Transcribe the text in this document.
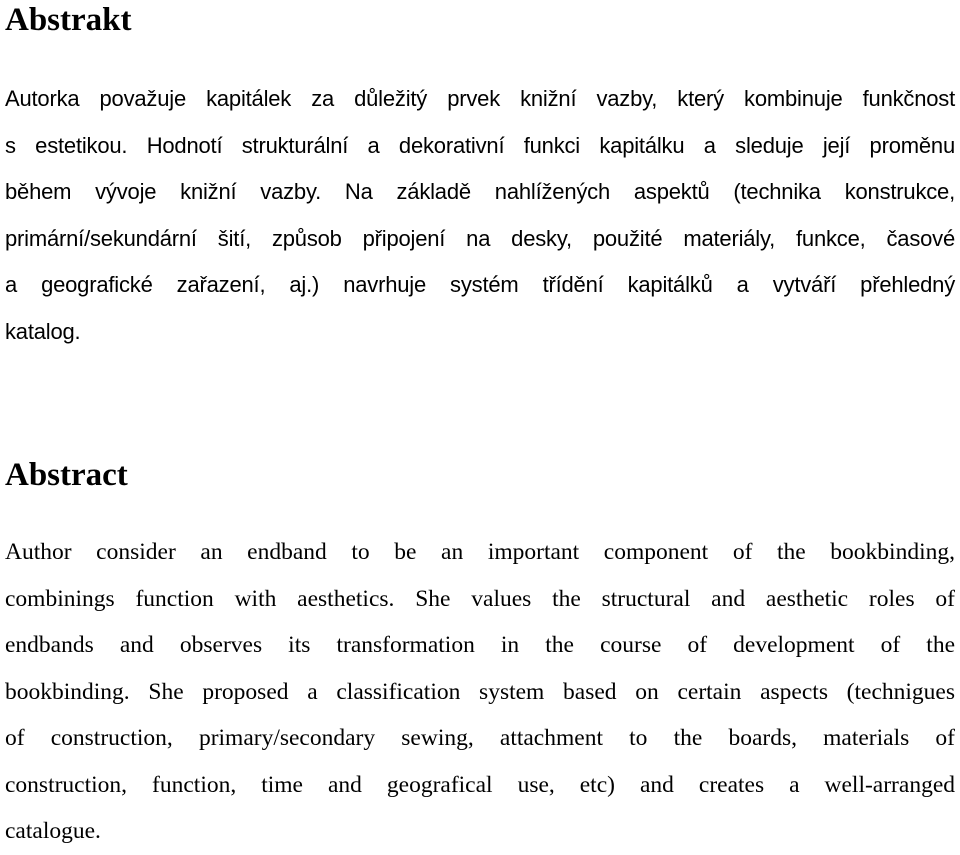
Abstrakt

Autorka považuje kapitálek za důležitý prvek knižní vazby, který kombinuje funkčnost
s estetikou. Hodnotí strukturální a dekorativní funkci kapitálku a sleduje její proměnu
během vývoje knižní vazby. Na základě nahlížených aspektů (technika konstrukce,
primární/sekundární šití, způsob připojení na desky, použité materiály, funkce, časové
a geografické zařazení, aj.) navrhuje systém třídění kapitálků a vytváří přehledný
katalog.

Abstract

Author consider an endband to be an important component of the bookbinding,
combinings function with aesthetics. She values the structural and aesthetic roles of
endbands and observes its transformation in the course of development of the
bookbinding. She proposed a classification system based on certain aspects (technigues
of construction, primary/secondary sewing, attachment to the boards, materials of
construction, function, time and geografical use, etc) and creates a well-arranged
catalogue.
